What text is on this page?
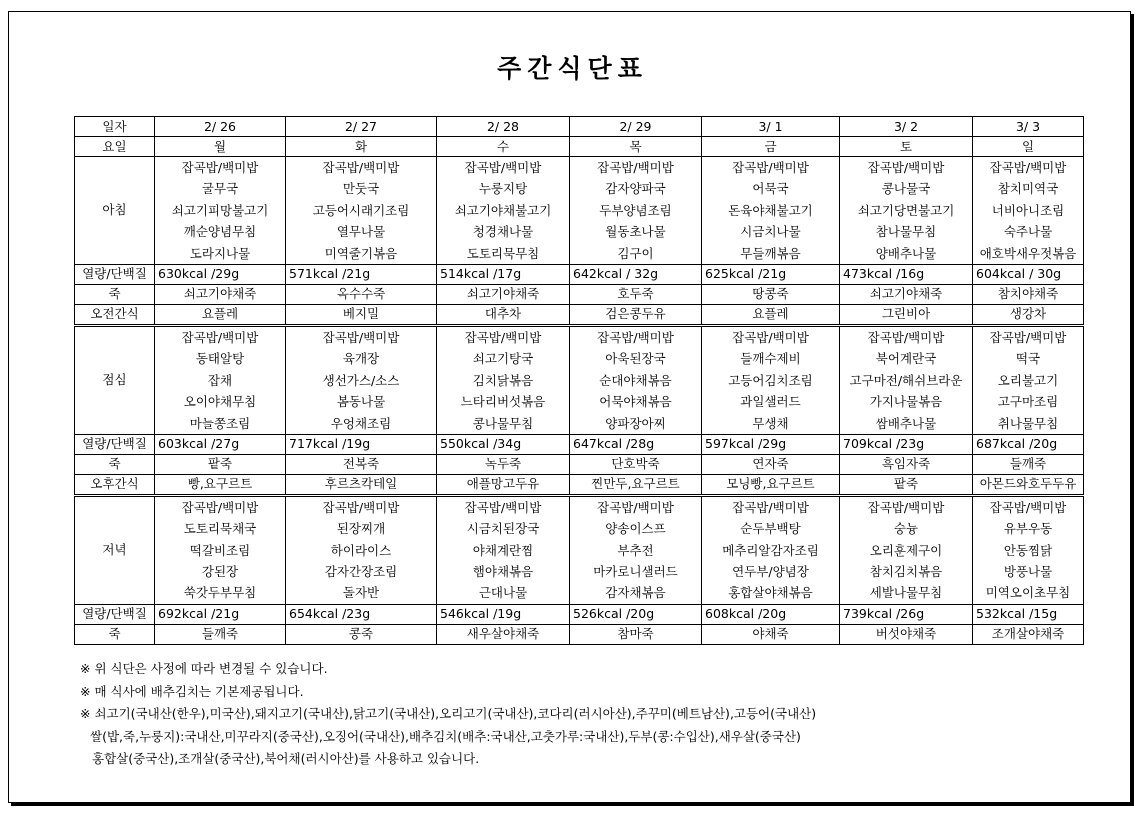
주간식단표
일자	2/ 26	2/ 27	2/ 28	2/ 29	3/ 1	3/ 2	3/ 3
요일	월	화	수	목	금	토	일
아침	잡곡밥/백미밥
굴무국
쇠고기피망불고기
깨순양념무침
도라지나물	잡곡밥/백미밥
만둣국
고등어시래기조림
열무나물
미역줄기볶음	잡곡밥/백미밥
누룽지탕
쇠고기야채불고기
청경채나물
도토리묵무침	잡곡밥/백미밥
감자양파국
두부양념조림
월동초나물
김구이	잡곡밥/백미밥
어묵국
돈육야채불고기
시금치나물
무들깨볶음	잡곡밥/백미밥
콩나물국
쇠고기당면불고기
참나물무침
양배추나물	잡곡밥/백미밥
참치미역국
너비아니조림
숙주나물
애호박새우젓볶음

열량/단백질	630kcal /29g	571kcal /21g	514kcal /17g	642kcal / 32g	625kcal /21g	473kcal /16g	604kcal / 30g
죽	쇠고기야채죽	옥수수죽	쇠고기야채죽	호두죽	땅콩죽	쇠고기야채죽	참치야채죽
오전간식	요플레	베지밀	대추차	검은콩두유	요플레	그린비아	생강차
점심	잡곡밥/백미밥
동태알탕
잡채
오이야채무침
마늘쫑조림	잡곡밥/백미밥
육개장
생선가스/소스
봄동나물
우엉채조림	잡곡밥/백미밥
쇠고기탕국
김치닭볶음
느타리버섯볶음
콩나물무침	잡곡밥/백미밥
아욱된장국
순대야채볶음
어묵야채볶음
양파장아찌	잡곡밥/백미밥
들깨수제비
고등어김치조림
과일샐러드
무생채	잡곡밥/백미밥
북어계란국
고구마전/해쉬브라운
가지나물볶음
쌈배추나물	잡곡밥/백미밥
떡국
오리불고기
고구마조림
취나물무침

열량/단백질	603kcal /27g	717kcal /19g	550kcal /34g	647kcal /28g	597kcal /29g	709kcal /23g	687kcal /20g
죽	팥죽	전복죽	녹두죽	단호박죽	연자죽	흑임자죽	들깨죽
오후간식	빵,요구르트	후르츠칵테일	애플망고두유	찐만두,요구르트	모닝빵,요구르트	팥죽	아몬드와호두두유
저녁	잡곡밥/백미밥
도토리묵채국
떡갈비조림
강된장
쑥갓두부무침	잡곡밥/백미밥
된장찌개
하이라이스
감자간장조림
돌자반	잡곡밥/백미밥
시금치된장국
야채계란찜
햄야채볶음
근대나물	잡곡밥/백미밥
양송이스프
부추전
마카로니샐러드
감자채볶음	잡곡밥/백미밥
순두부백탕
메추리알감자조림
연두부/양념장
홍합살야채볶음	잡곡밥/백미밥
숭늉
오리훈제구이
참치김치볶음
세발나물무침	잡곡밥/백미밥
유부우동
안동찜닭
방풍나물
미역오이초무침

열량/단백질	692kcal /21g	654kcal /23g	546kcal /19g	526kcal /20g	608kcal /20g	739kcal /26g	532kcal /15g
죽	들깨죽	콩죽	새우살야채죽	참마죽	야채죽	버섯야채죽	조개살야채죽
※ 위 식단은 사정에 따라 변경될 수 있습니다.
※ 매 식사에 배추김치는 기본제공됩니다.
※ 쇠고기(국내산(한우),미국산),돼지고기(국내산),닭고기(국내산),오리고기(국내산),코다리(러시아산),주꾸미(베트남산),고등어(국내산)
쌀(밥,죽,누룽지):국내산,미꾸라지(중국산),오징어(국내산),배추김치(배추:국내산,고춧가루:국내산),두부(콩:수입산),새우살(중국산)
홍합살(중국산),조개살(중국산),북어채(러시아산)를 사용하고 있습니다.
